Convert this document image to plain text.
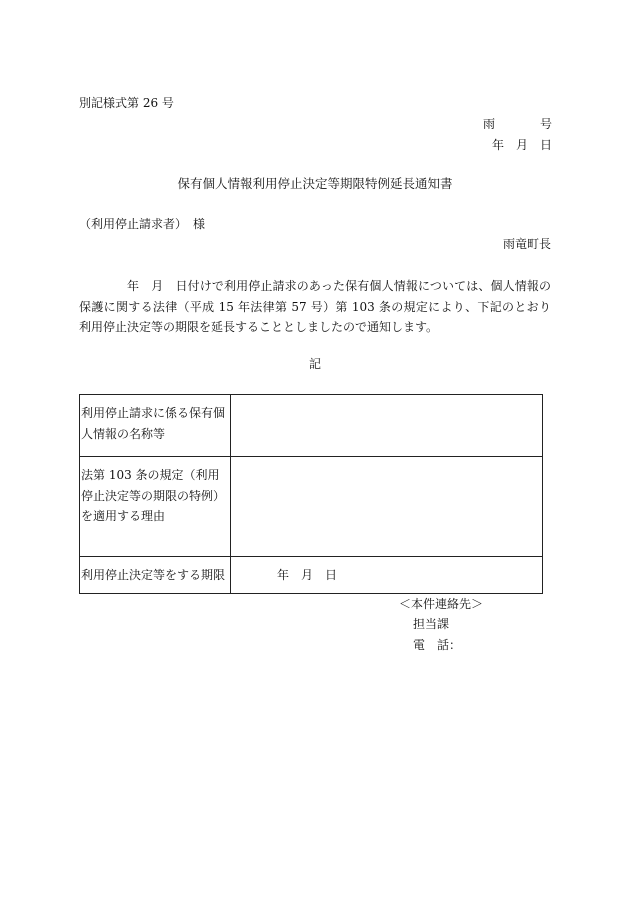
別記様式第 26 号
雨	号
年　月　日
保有個人情報利用停止決定等期限特例延長通知書
（利用停止請求者）　様
雨竜町長
年　月　日付けで利用停止請求のあった保有個人情報については、個人情報の保護に関する法律（平成 15 年法律第 57 号）第 103 条の規定により、下記のとおり利用停止決定等の期限を延長することとしましたので通知します。
記
利用停止請求に係る保有個人情報の名称等	
法第 103 条の規定（利用停止決定等の期限の特例）を適用する理由	
利用停止決定等をする期限	年　月　日
＜本件連絡先＞
担当課
電 話：
